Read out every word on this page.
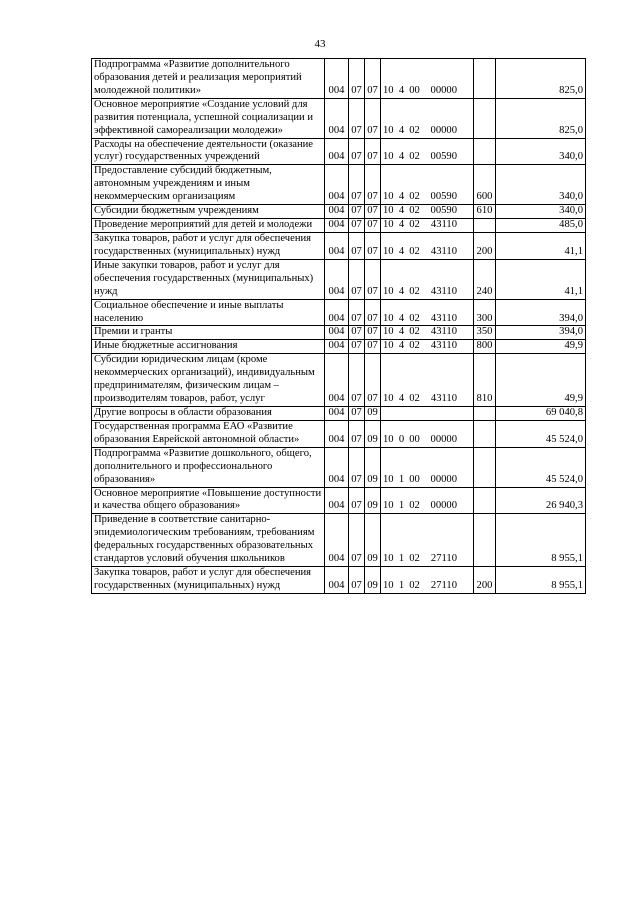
43
Подпрограмма «Развитие дополнительного образования детей и реализация мероприятий молодежной политики»	004	07	07	10 4 00 00000		825,0
Основное мероприятие «Создание условий для развития потенциала, успешной социализации и эффективной самореализации молодежи»	004	07	07	10 4 02 00000		825,0
Расходы на обеспечение деятельности (оказание услуг) государственных учреждений	004	07	07	10 4 02 00590		340,0
Предоставление субсидий бюджетным, автономным учреждениям и иным некоммерческим организациям	004	07	07	10 4 02 00590	600	340,0
Субсидии бюджетным учреждениям	004	07	07	10 4 02 00590	610	340,0
Проведение мероприятий для детей и молодежи	004	07	07	10 4 02 43110		485,0
Закупка товаров, работ и услуг для обеспечения государственных (муниципальных) нужд	004	07	07	10 4 02 43110	200	41,1
Иные закупки товаров, работ и услуг для обеспечения государственных (муниципальных) нужд	004	07	07	10 4 02 43110	240	41,1
Социальное обеспечение и иные выплаты населению	004	07	07	10 4 02 43110	300	394,0
Премии и гранты	004	07	07	10 4 02 43110	350	394,0
Иные бюджетные ассигнования	004	07	07	10 4 02 43110	800	49,9
Субсидии юридическим лицам (кроме некоммерческих организаций), индивидуальным предпринимателям, физическим лицам – производителям товаров, работ, услуг	004	07	07	10 4 02 43110	810	49,9
Другие вопросы в области образования	004	07	09			69 040,8
Государственная программа ЕАО «Развитие образования Еврейской автономной области»	004	07	09	10 0 00 00000		45 524,0
Подпрограмма «Развитие дошкольного, общего, дополнительного и профессионального образования»	004	07	09	10 1 00 00000		45 524,0
Основное мероприятие «Повышение доступности и качества общего образования»	004	07	09	10 1 02 00000		26 940,3
Приведение в соответствие санитарно-эпидемиологическим требованиям, требованиям федеральных государственных образовательных стандартов условий обучения школьников	004	07	09	10 1 02 27110		8 955,1
Закупка товаров, работ и услуг для обеспечения государственных (муниципальных) нужд	004	07	09	10 1 02 27110	200	8 955,1
